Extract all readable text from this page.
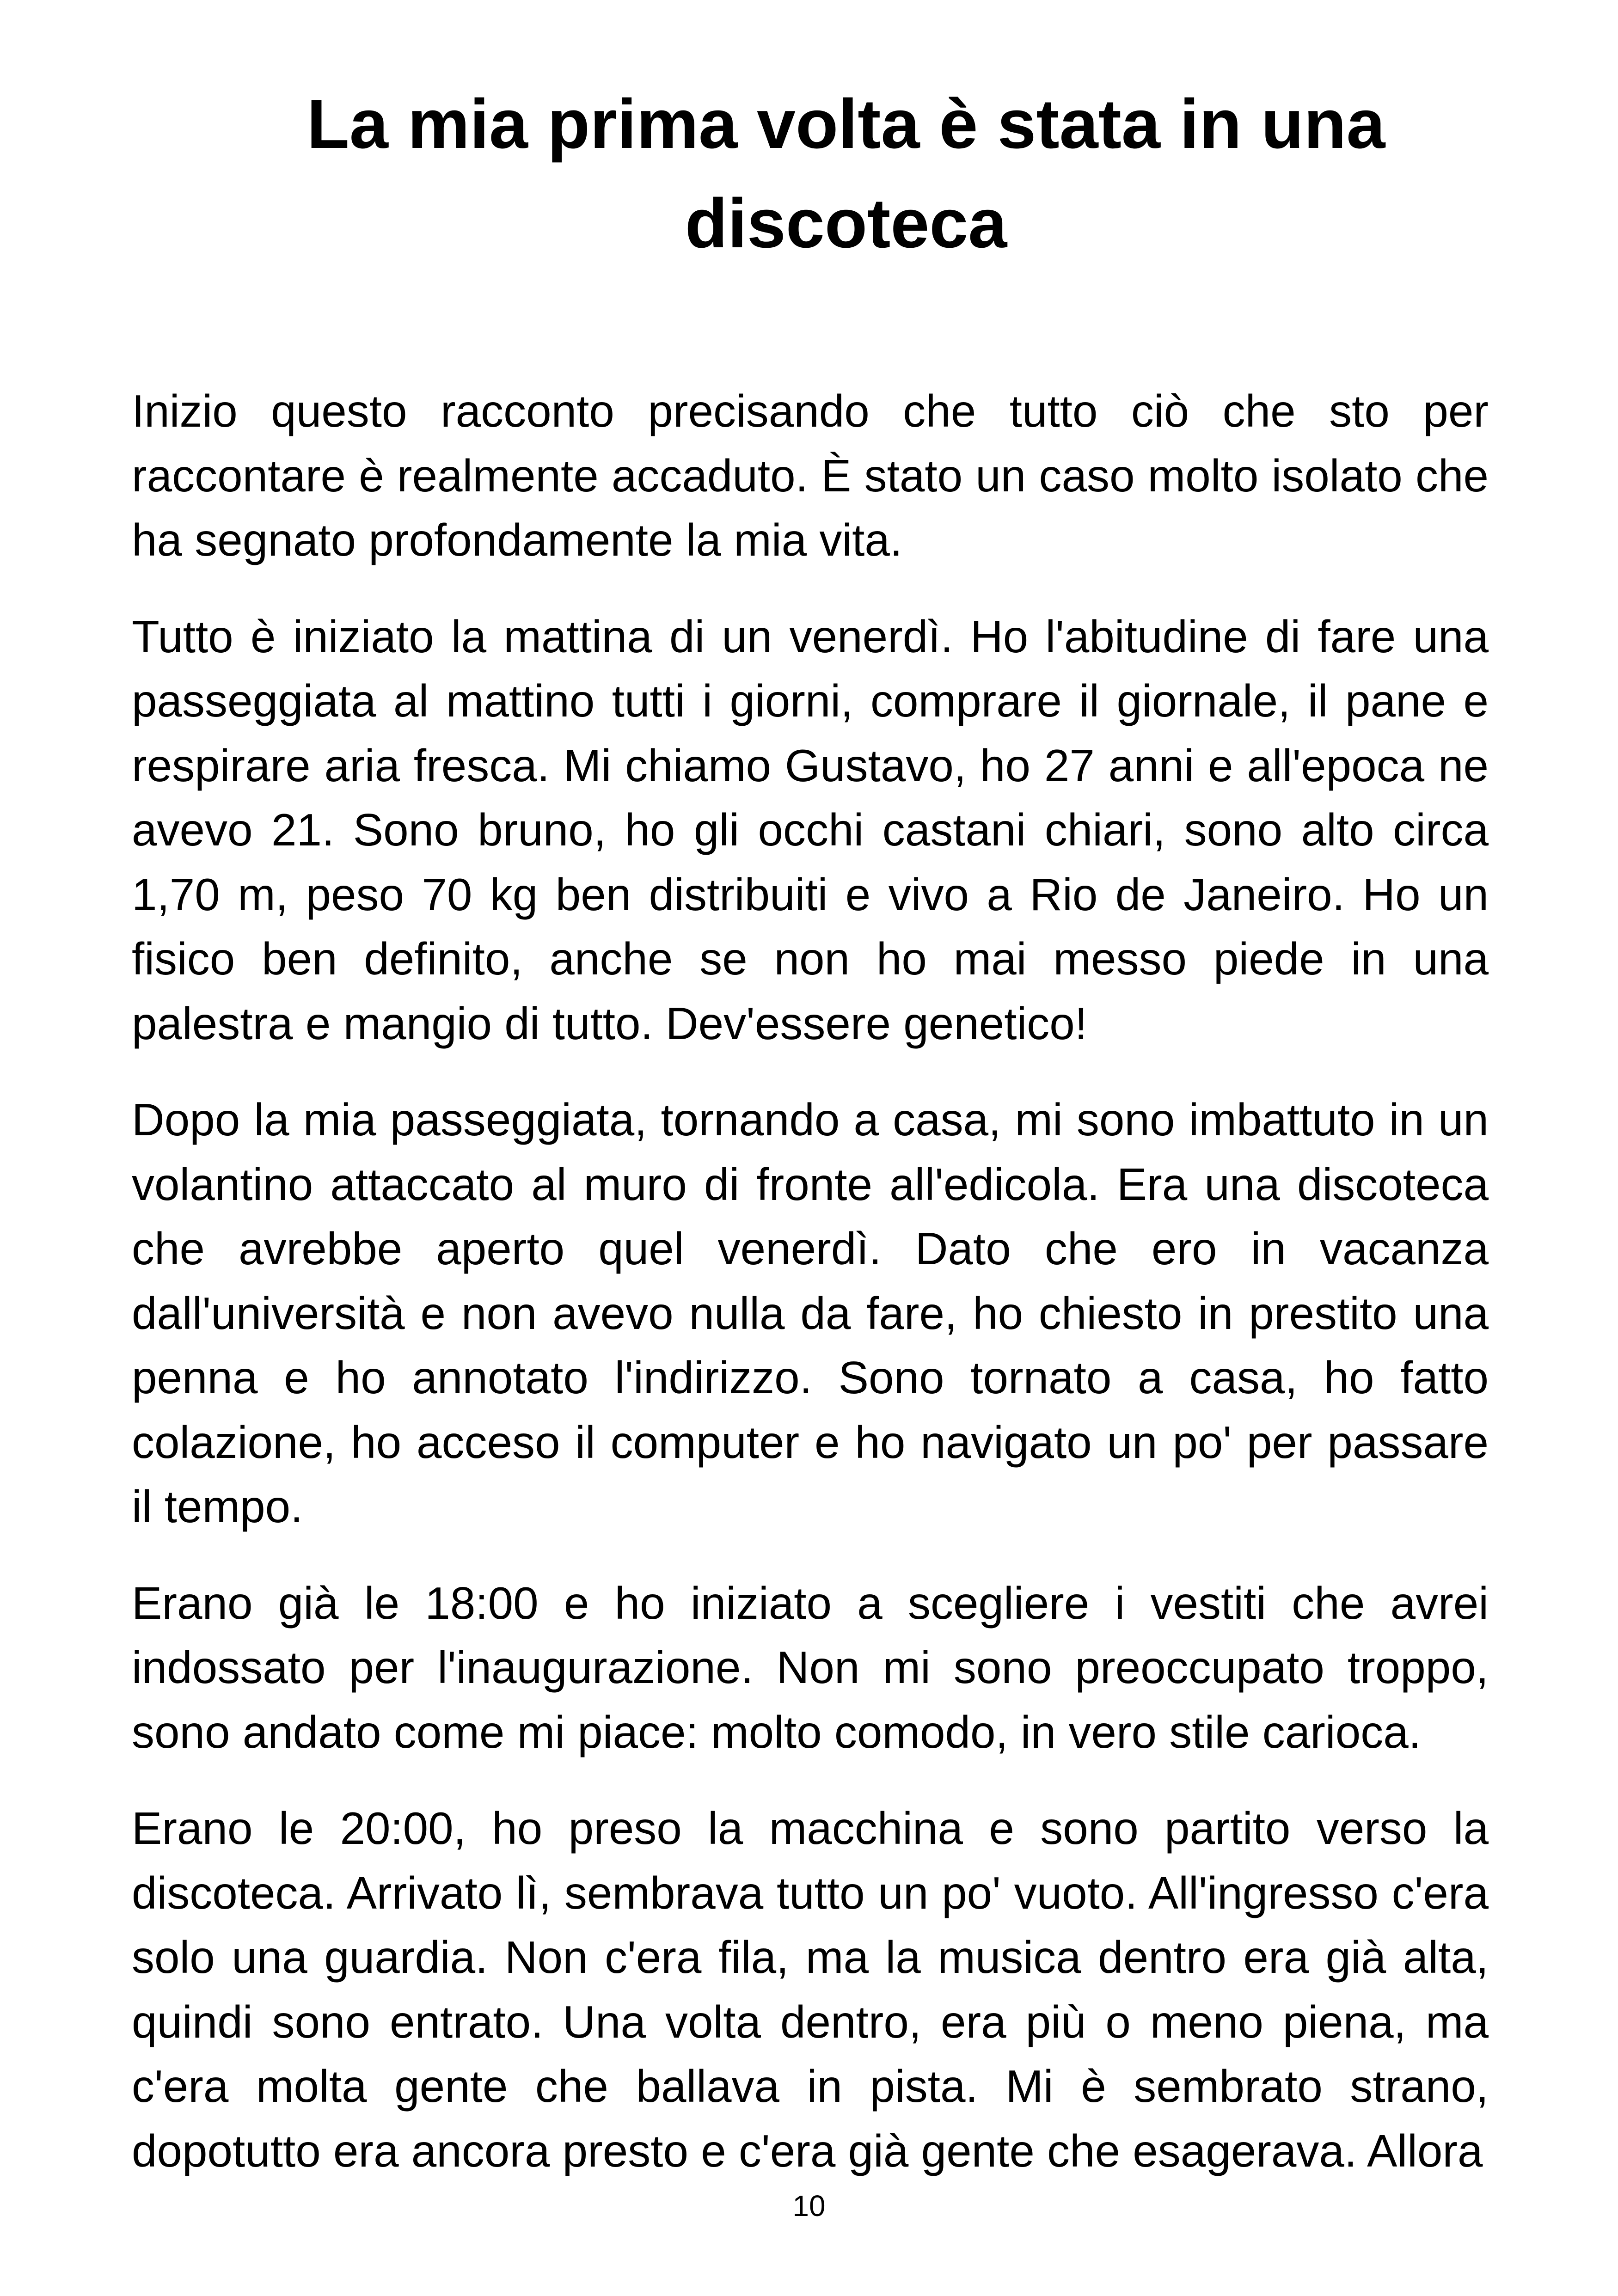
La mia prima volta è stata in una discoteca

Inizio questo racconto precisando che tutto ciò che sto per raccontare è realmente accaduto. È stato un caso molto isolato che ha segnato profondamente la mia vita.

Tutto è iniziato la mattina di un venerdì. Ho l'abitudine di fare una passeggiata al mattino tutti i giorni, comprare il giornale, il pane e respirare aria fresca. Mi chiamo Gustavo, ho 27 anni e all'epoca ne avevo 21. Sono bruno, ho gli occhi castani chiari, sono alto circa 1,70 m, peso 70 kg ben distribuiti e vivo a Rio de Janeiro. Ho un fisico ben definito, anche se non ho mai messo piede in una palestra e mangio di tutto. Dev'essere genetico!

Dopo la mia passeggiata, tornando a casa, mi sono imbattuto in un volantino attaccato al muro di fronte all'edicola. Era una discoteca che avrebbe aperto quel venerdì. Dato che ero in vacanza dall'università e non avevo nulla da fare, ho chiesto in prestito una penna e ho annotato l'indirizzo. Sono tornato a casa, ho fatto colazione, ho acceso il computer e ho navigato un po' per passare il tempo.

Erano già le 18:00 e ho iniziato a scegliere i vestiti che avrei indossato per l'inaugurazione. Non mi sono preoccupato troppo, sono andato come mi piace: molto comodo, in vero stile carioca.

Erano le 20:00, ho preso la macchina e sono partito verso la discoteca. Arrivato lì, sembrava tutto un po' vuoto. All'ingresso c'era solo una guardia. Non c'era fila, ma la musica dentro era già alta, quindi sono entrato. Una volta dentro, era più o meno piena, ma c'era molta gente che ballava in pista. Mi è sembrato strano, dopotutto era ancora presto e c'era già gente che esagerava. Allora

10
